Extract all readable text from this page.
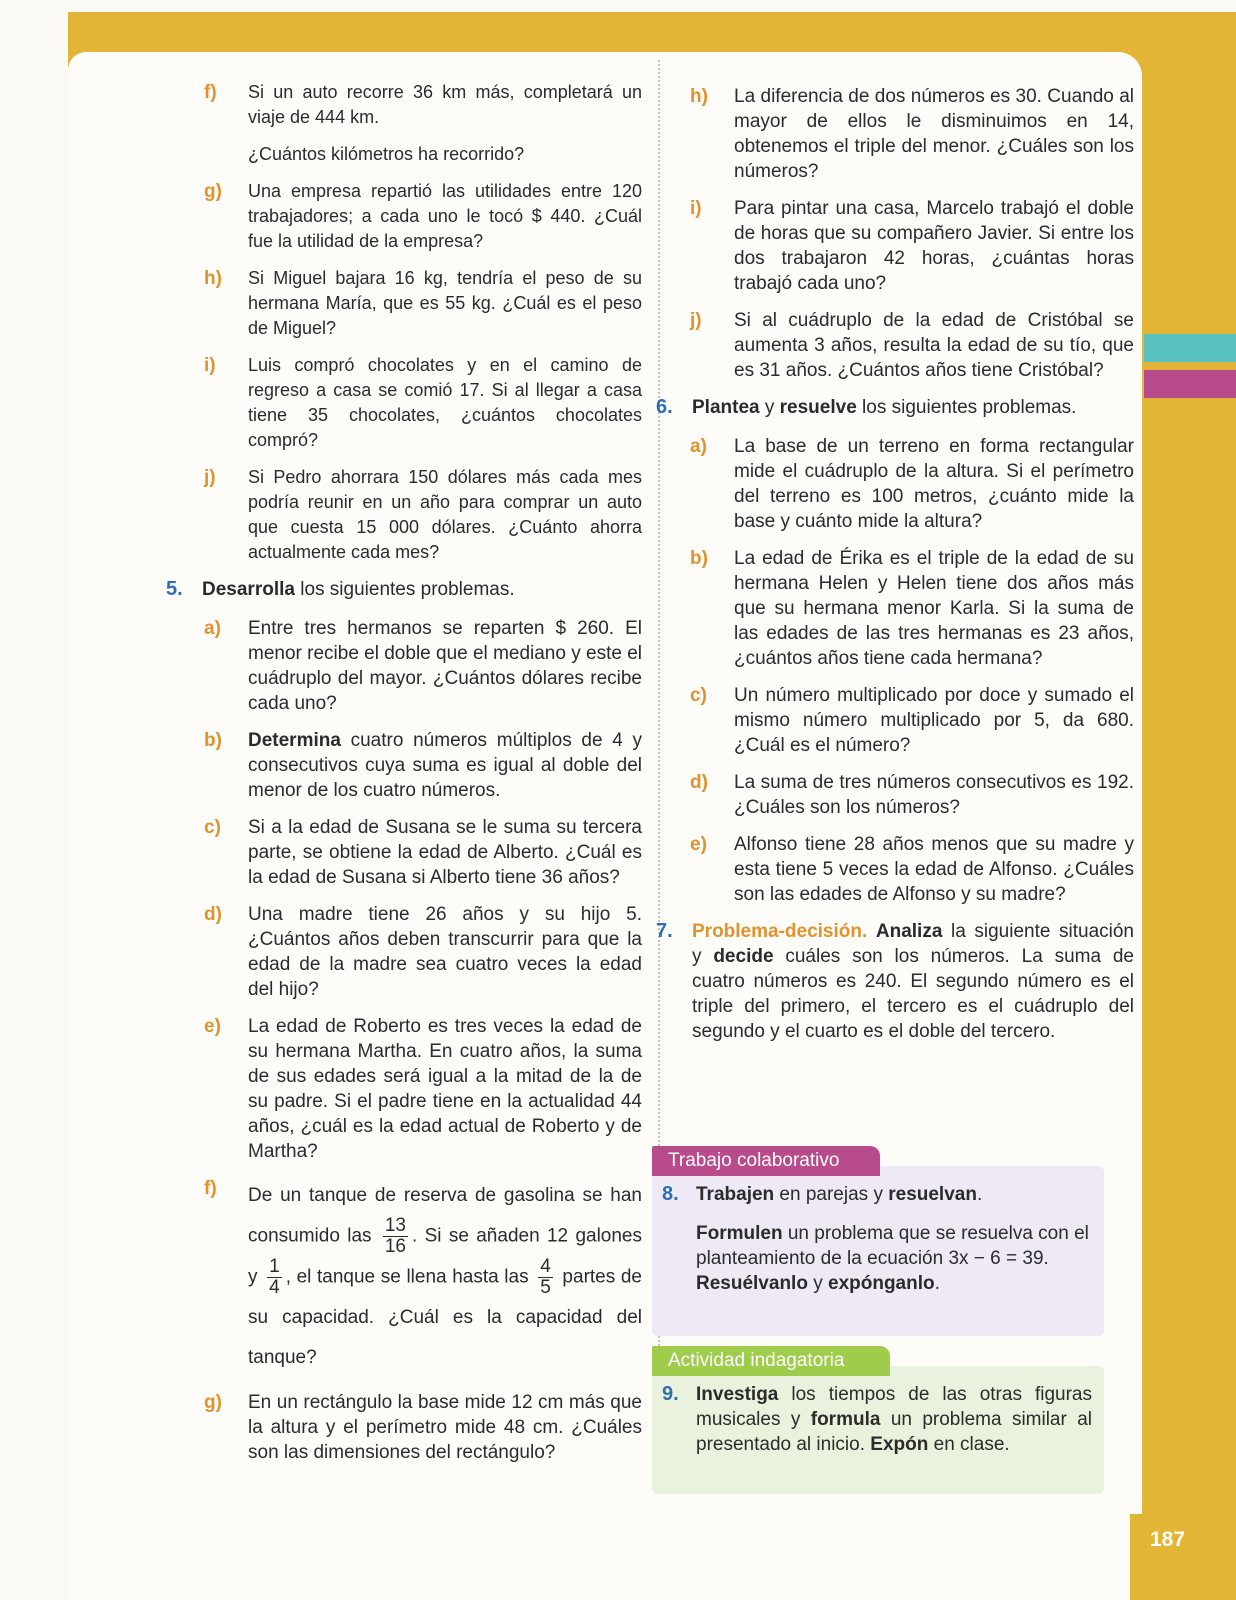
f) Si un auto recorre 36 km más, completará un viaje de 444 km.
¿Cuántos kilómetros ha recorrido?
g) Una empresa repartió las utilidades entre 120 trabajadores; a cada uno le tocó $ 440. ¿Cuál fue la utilidad de la empresa?
h) Si Miguel bajara 16 kg, tendría el peso de su hermana María, que es 55 kg. ¿Cuál es el peso de Miguel?
i) Luis compró chocolates y en el camino de regreso a casa se comió 17. Si al llegar a casa tiene 35 chocolates, ¿cuántos chocolates compró?
j) Si Pedro ahorrara 150 dólares más cada mes podría reunir en un año para comprar un auto que cuesta 15 000 dólares. ¿Cuánto ahorra actualmente cada mes?
5. Desarrolla los siguientes problemas.
a) Entre tres hermanos se reparten $ 260. El menor recibe el doble que el mediano y este el cuádruplo del mayor. ¿Cuántos dólares recibe cada uno?
b) Determina cuatro números múltiplos de 4 y consecutivos cuya suma es igual al doble del menor de los cuatro números.
c) Si a la edad de Susana se le suma su tercera parte, se obtiene la edad de Alberto. ¿Cuál es la edad de Susana si Alberto tiene 36 años?
d) Una madre tiene 26 años y su hijo 5. ¿Cuántos años deben transcurrir para que la edad de la madre sea cuatro veces la edad del hijo?
e) La edad de Roberto es tres veces la edad de su hermana Martha. En cuatro años, la suma de sus edades será igual a la mitad de la de su padre. Si el padre tiene en la actualidad 44 años, ¿cuál es la edad actual de Roberto y de Martha?
f) De un tanque de reserva de gasolina se han consumido las $\frac{13}{16}$ . Si se añaden 12 galones y $\frac{1}{4}$ , el tanque se llena hasta las $\frac{4}{5}$ partes de su capacidad. ¿Cuál es la capacidad del tanque?
g) En un rectángulo la base mide 12 cm más que la altura y el perímetro mide 48 cm. ¿Cuáles son las dimensiones del rectángulo?
h) La diferencia de dos números es 30. Cuando al mayor de ellos le disminuimos en 14, obtenemos el triple del menor. ¿Cuáles son los números?
i) Para pintar una casa, Marcelo trabajó el doble de horas que su compañero Javier. Si entre los dos trabajaron 42 horas, ¿cuántas horas trabajó cada uno?
j) Si al cuádruplo de la edad de Cristóbal se aumenta 3 años, resulta la edad de su tío, que es 31 años. ¿Cuántos años tiene Cristóbal?
6. Plantea y resuelve los siguientes problemas.
a) La base de un terreno en forma rectangular mide el cuádruplo de la altura. Si el perímetro del terreno es 100 metros, ¿cuánto mide la base y cuánto mide la altura?
b) La edad de Érika es el triple de la edad de su hermana Helen y Helen tiene dos años más que su hermana menor Karla. Si la suma de las edades de las tres hermanas es 23 años, ¿cuántos años tiene cada hermana?
c) Un número multiplicado por doce y sumado el mismo número multiplicado por 5, da 680. ¿Cuál es el número?
d) La suma de tres números consecutivos es 192. ¿Cuáles son los números?
e) Alfonso tiene 28 años menos que su madre y esta tiene 5 veces la edad de Alfonso. ¿Cuáles son las edades de Alfonso y su madre?
7. Problema-decisión. Analiza la siguiente situación y decide cuáles son los números. La suma de cuatro números es 240. El segundo número es el triple del primero, el tercero es el cuádruplo del segundo y el cuarto es el doble del tercero.
Trabajo colaborativo
8. Trabajen en parejas y resuelvan.
Formulen un problema que se resuelva con el planteamiento de la ecuación 3x − 6 = 39. Resuélvanlo y expónganlo.
Actividad indagatoria
9. Investiga los tiempos de las otras figuras musicales y formula un problema similar al presentado al inicio. Expón en clase.
187
